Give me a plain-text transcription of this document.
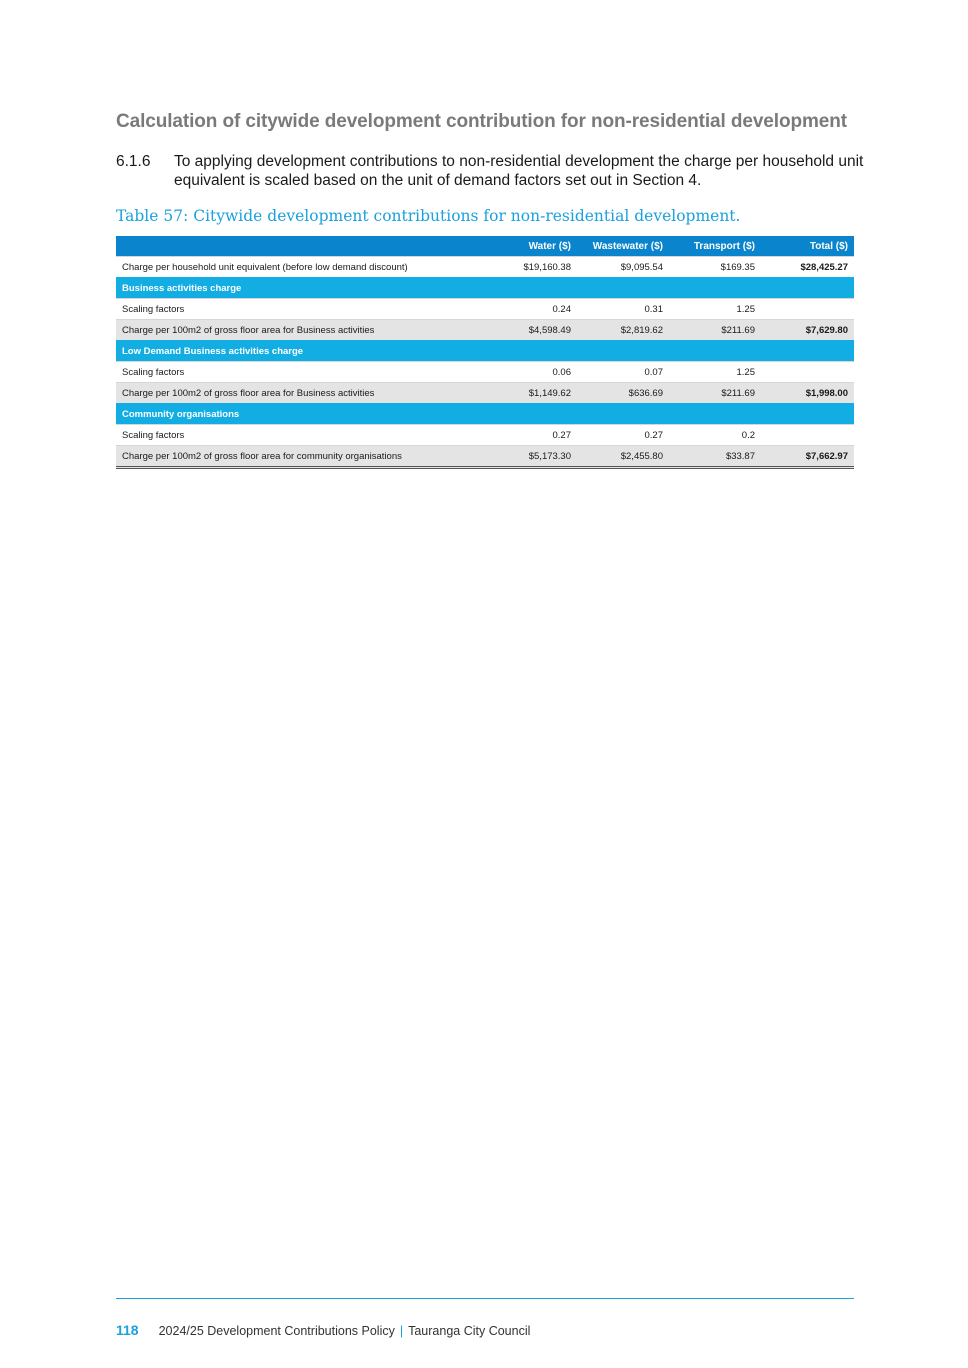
Calculation of citywide development contribution for non-residential development
6.1.6 To applying development contributions to non-residential development the charge per household unit equivalent is scaled based on the unit of demand factors set out in Section 4.
Table 57: Citywide development contributions for non-residential development.
	Water ($)	Wastewater ($)	Transport ($)	Total ($)
Charge per household unit equivalent (before low demand discount)	$19,160.38	$9,095.54	$169.35	$28,425.27
Business activities charge				
Scaling factors	0.24	0.31	1.25	
Charge per 100m2 of gross floor area for Business activities	$4,598.49	$2,819.62	$211.69	$7,629.80
Low Demand Business activities charge				
Scaling factors	0.06	0.07	1.25	
Charge per 100m2 of gross floor area for Business activities	$1,149.62	$636.69	$211.69	$1,998.00
Community organisations				
Scaling factors	0.27	0.27	0.2	
Charge per 100m2 of gross floor area for community organisations	$5,173.30	$2,455.80	$33.87	$7,662.97
118 2024/25 Development Contributions Policy | Tauranga City Council
